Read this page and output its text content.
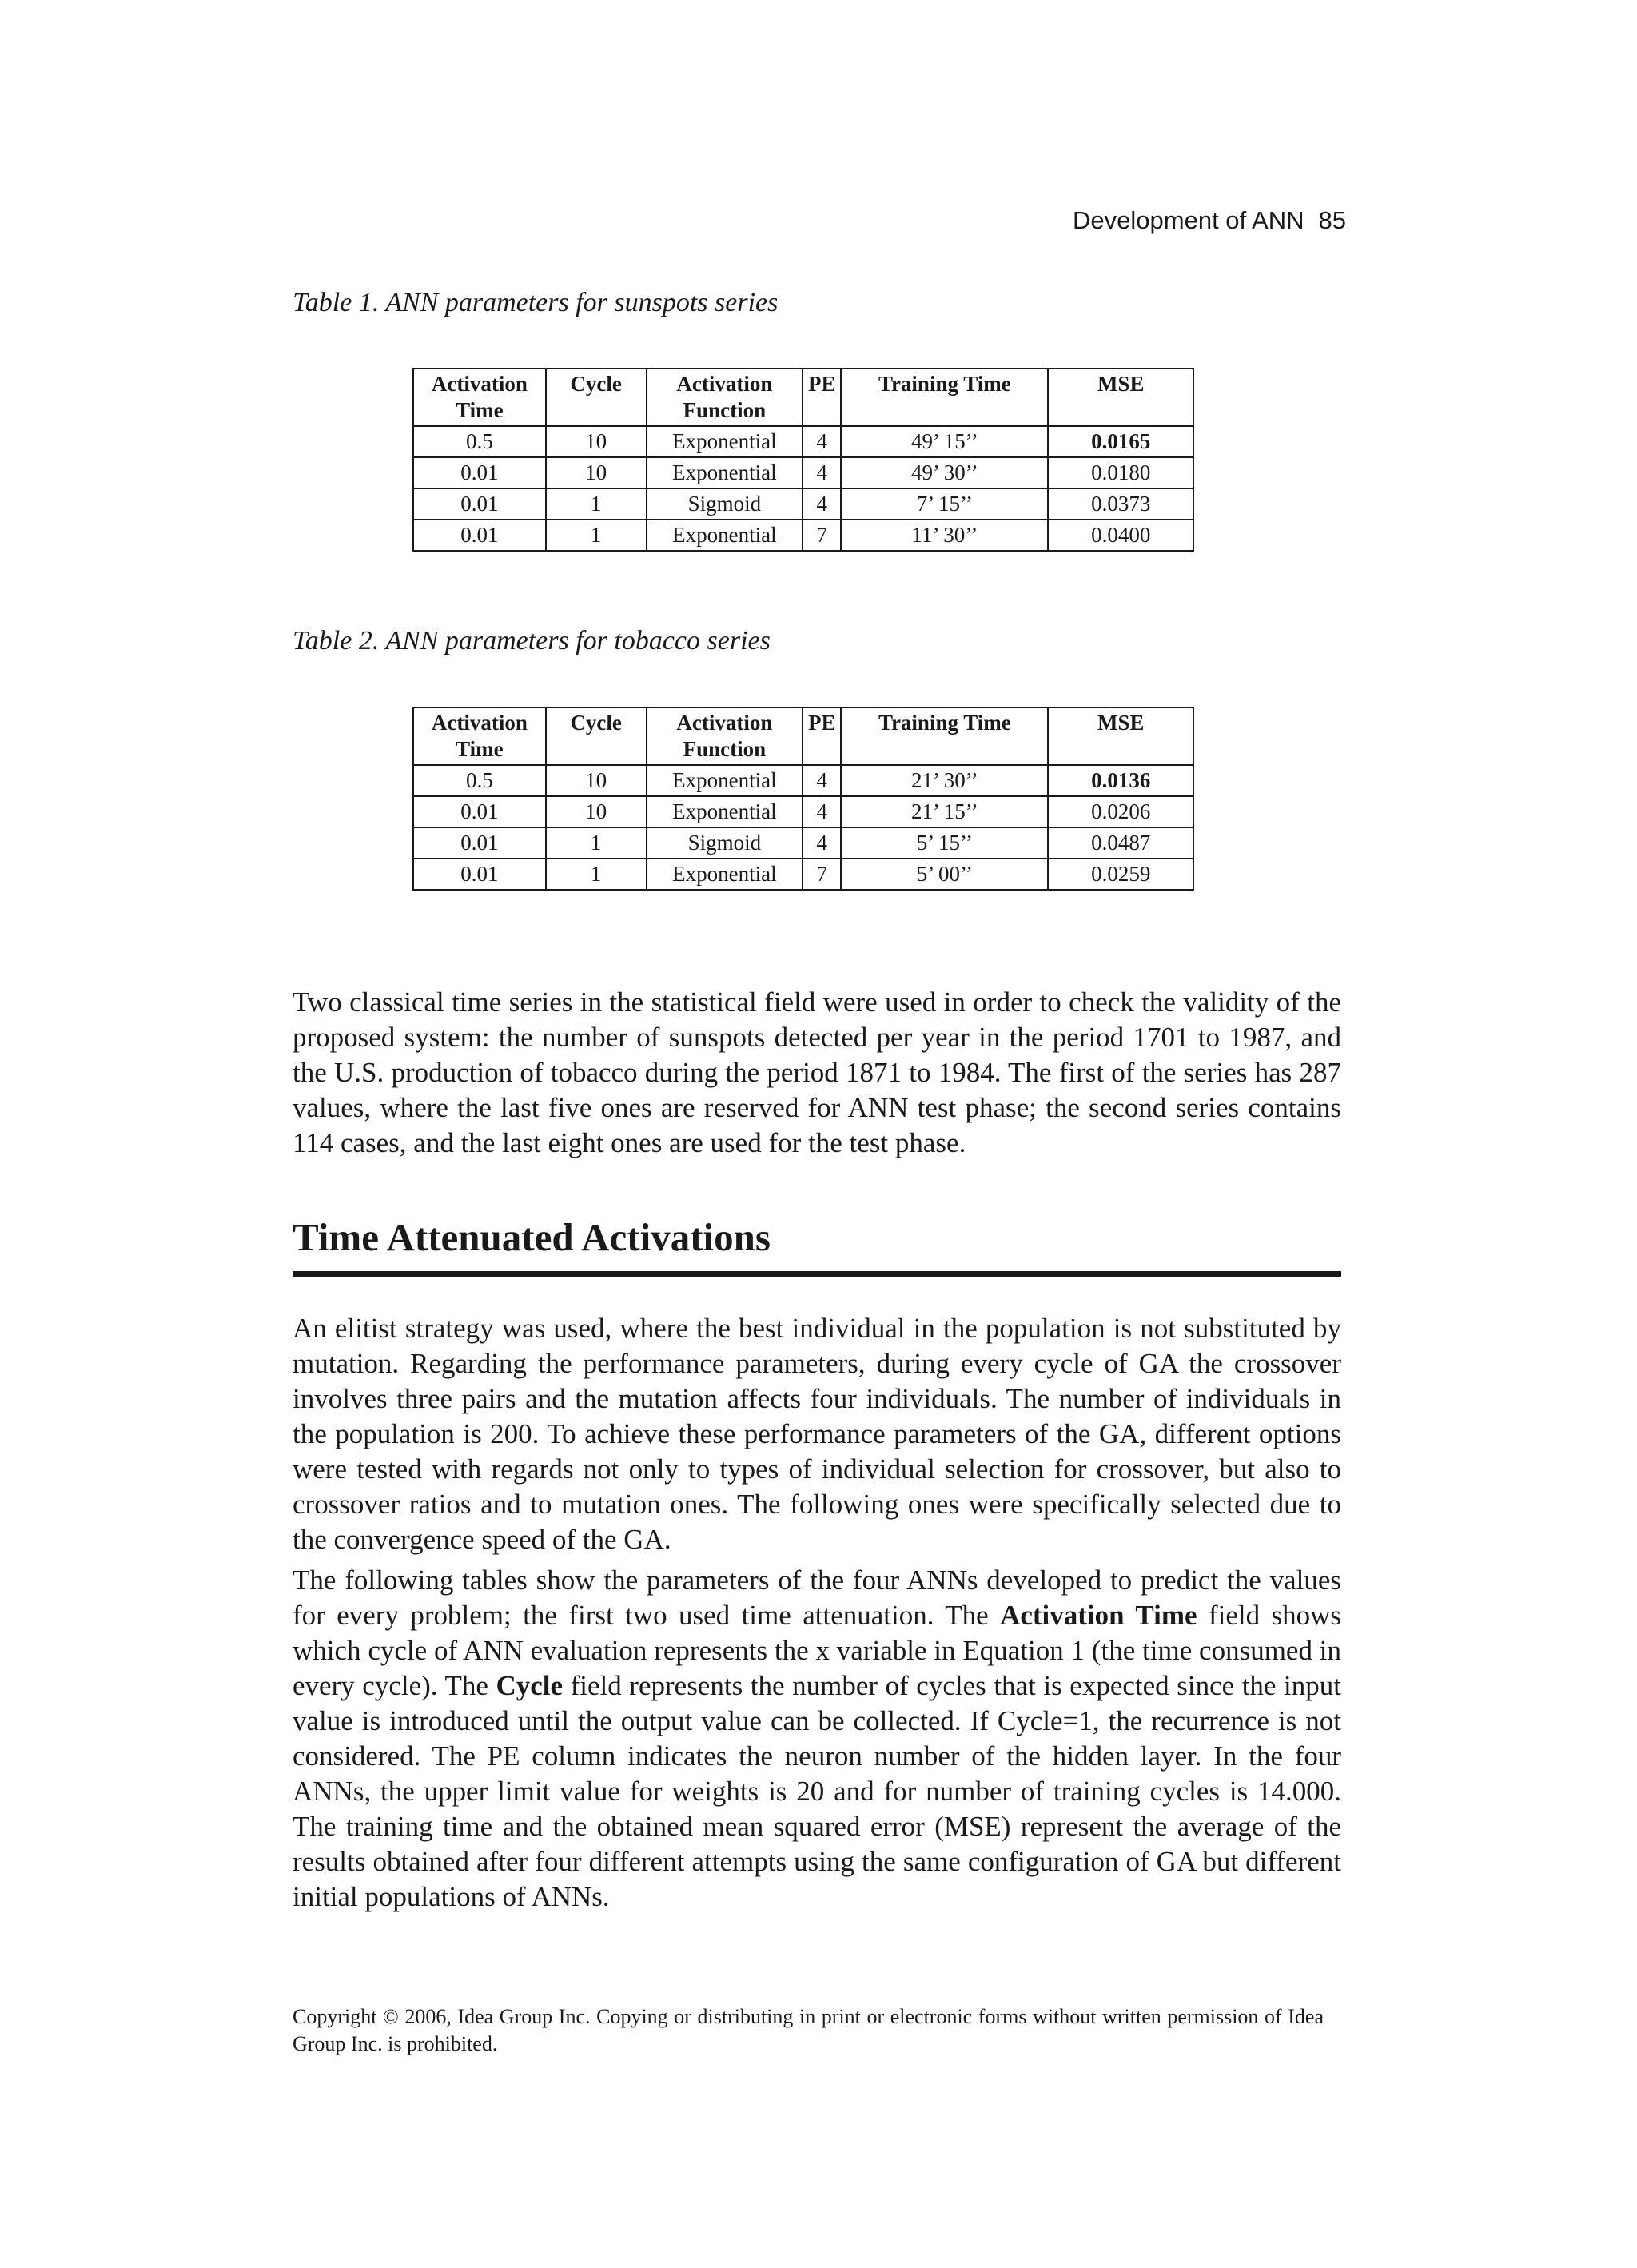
Development of ANN 85
Table 1. ANN parameters for sunspots series
Activation Time	Cycle	Activation Function	PE	Training Time	MSE
0.5	10	Exponential	4	49’ 15’’	0.0165
0.01	10	Exponential	4	49’ 30’’	0.0180
0.01	1	Sigmoid	4	7’ 15’’	0.0373
0.01	1	Exponential	7	11’ 30’’	0.0400
Table 2. ANN parameters for tobacco series
Activation Time	Cycle	Activation Function	PE	Training Time	MSE
0.5	10	Exponential	4	21’ 30’’	0.0136
0.01	10	Exponential	4	21’ 15’’	0.0206
0.01	1	Sigmoid	4	5’ 15’’	0.0487
0.01	1	Exponential	7	5’ 00’’	0.0259

Two classical time series in the statistical field were used in order to check the validity of the proposed system: the number of sunspots detected per year in the period 1701 to 1987, and the U.S. production of tobacco during the period 1871 to 1984. The first of the series has 287 values, where the last five ones are reserved for ANN test phase; the second series contains 114 cases, and the last eight ones are used for the test phase.

Time Attenuated Activations

An elitist strategy was used, where the best individual in the population is not substituted by mutation. Regarding the performance parameters, during every cycle of GA the crossover involves three pairs and the mutation affects four individuals. The number of individuals in the population is 200. To achieve these performance parameters of the GA, different options were tested with regards not only to types of individual selection for crossover, but also to crossover ratios and to mutation ones. The following ones were specifically selected due to the convergence speed of the GA.

The following tables show the parameters of the four ANNs developed to predict the values for every problem; the first two used time attenuation. The Activation Time field shows which cycle of ANN evaluation represents the x variable in Equation 1 (the time consumed in every cycle). The Cycle field represents the number of cycles that is expected since the input value is introduced until the output value can be collected. If Cycle=1, the recurrence is not considered. The PE column indicates the neuron number of the hidden layer. In the four ANNs, the upper limit value for weights is 20 and for number of training cycles is 14.000. The training time and the obtained mean squared error (MSE) represent the average of the results obtained after four different attempts using the same configuration of GA but different initial populations of ANNs.

Copyright © 2006, Idea Group Inc. Copying or distributing in print or electronic forms without written permission of Idea Group Inc. is prohibited.
